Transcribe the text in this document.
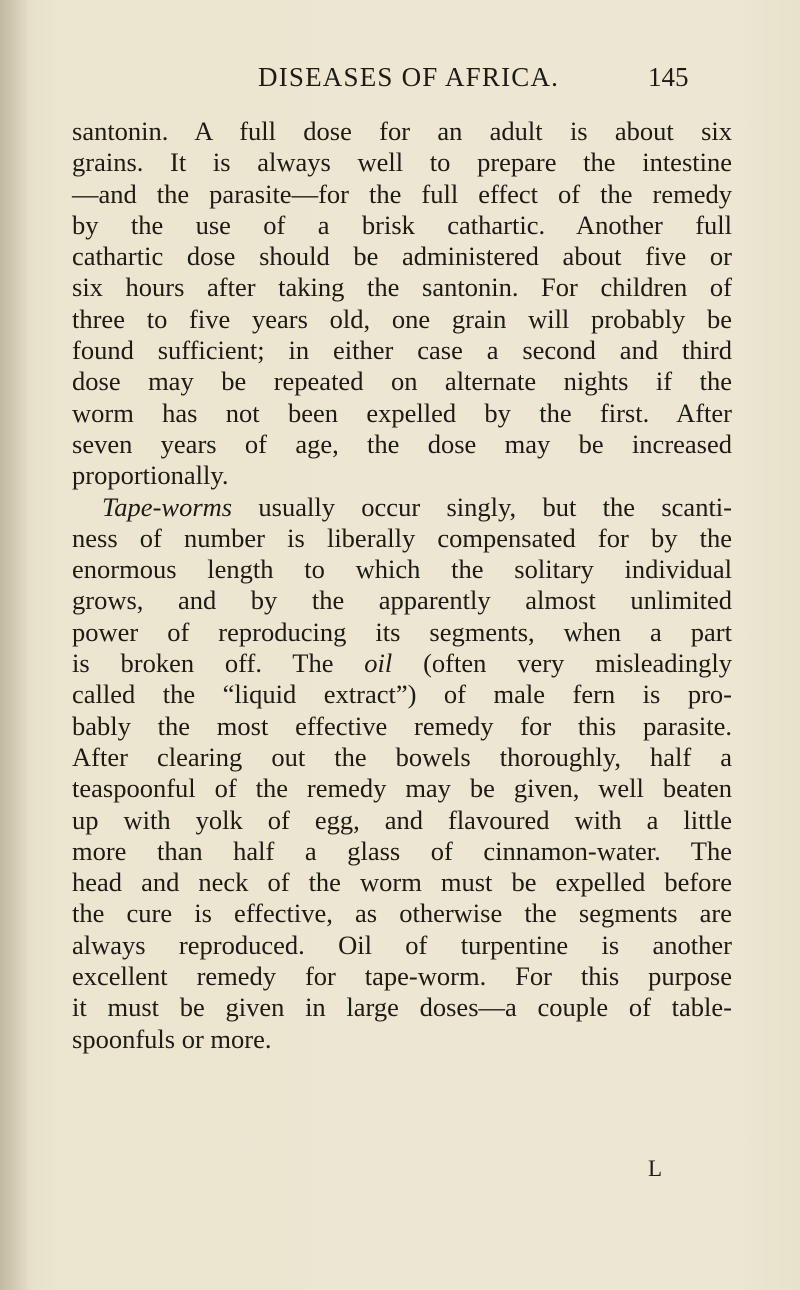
DISEASES OF AFRICA.	145
santonin. A full dose for an adult is about six
grains. It is always well to prepare the intestine
—and the parasite—for the full effect of the remedy
by the use of a brisk cathartic. Another full
cathartic dose should be administered about five or
six hours after taking the santonin. For children of
three to five years old, one grain will probably be
found sufficient; in either case a second and third
dose may be repeated on alternate nights if the
worm has not been expelled by the first. After
seven years of age, the dose may be increased
proportionally.
Tape-worms usually occur singly, but the scanti-
ness of number is liberally compensated for by the
enormous length to which the solitary individual
grows, and by the apparently almost unlimited
power of reproducing its segments, when a part
is broken off. The oil (often very misleadingly
called the “liquid extract”) of male fern is pro-
bably the most effective remedy for this parasite.
After clearing out the bowels thoroughly, half a
teaspoonful of the remedy may be given, well beaten
up with yolk of egg, and flavoured with a little
more than half a glass of cinnamon-water. The
head and neck of the worm must be expelled before
the cure is effective, as otherwise the segments are
always reproduced. Oil of turpentine is another
excellent remedy for tape-worm. For this purpose
it must be given in large doses—a couple of table-
spoonfuls or more.
L
